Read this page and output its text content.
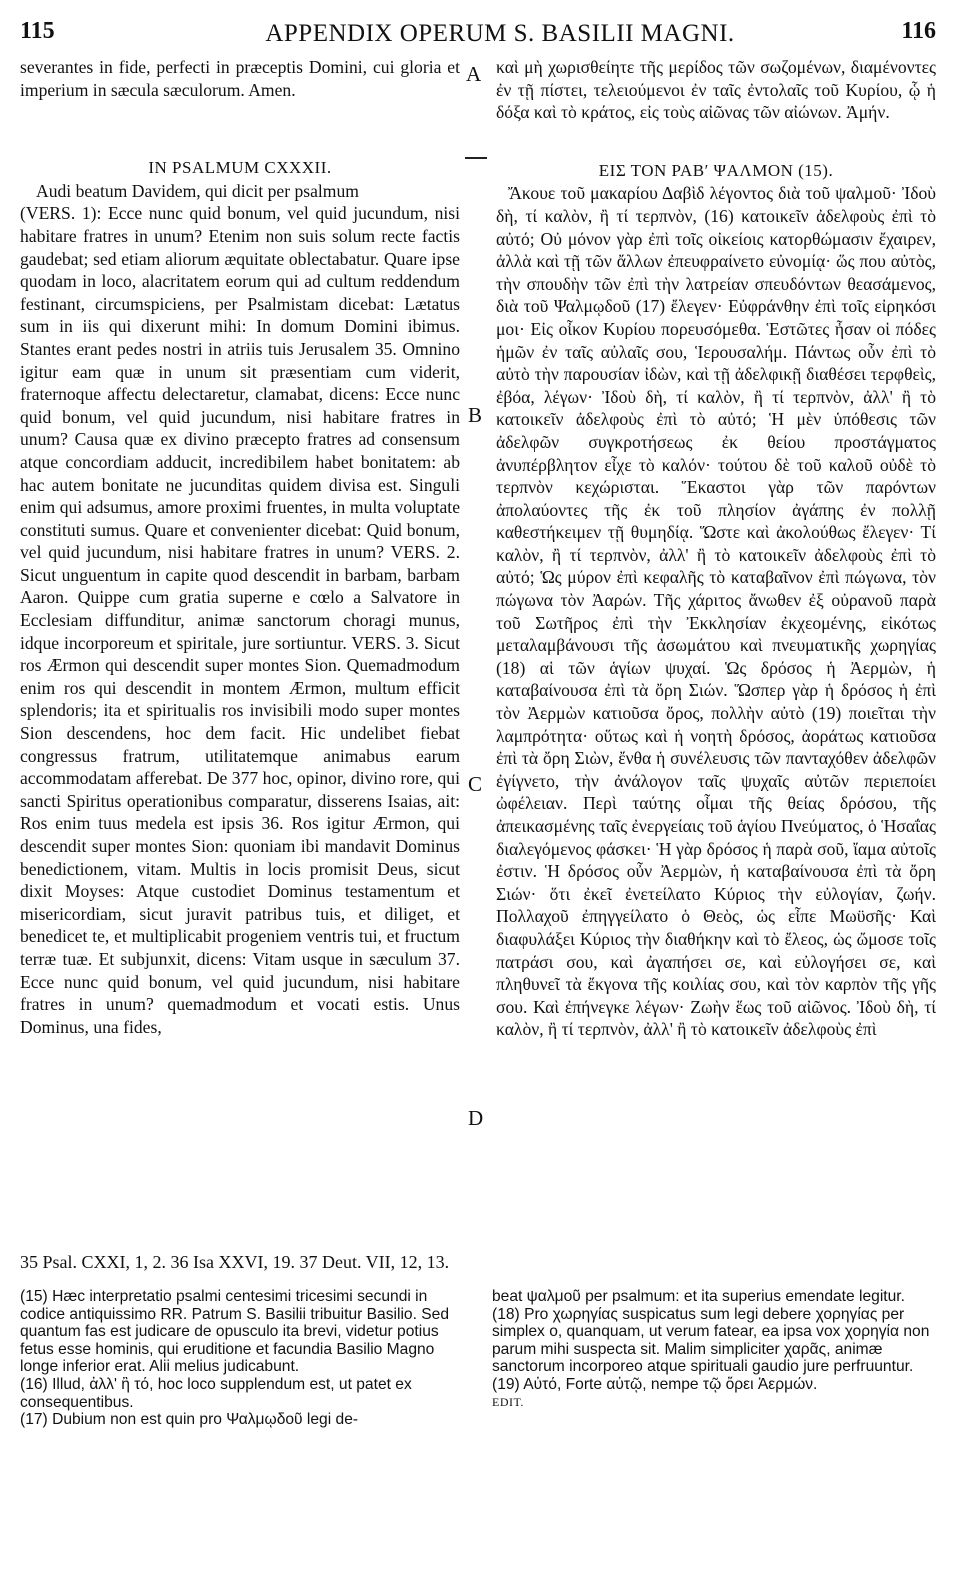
115	APPENDIX OPERUM S. BASILII MAGNI.	116
A
B
C
D

severantes in fide, perfecti in præceptis Domini, cui gloria et imperium in sæcula sæculorum. Amen.

IN PSALMUM CXXXII.

Audi beatum Davidem, qui dicit per psalmum

(VERS. 1): Ecce nunc quid bonum, vel quid jucundum, nisi habitare fratres in unum? Etenim non suis solum recte factis gaudebat; sed etiam aliorum æquitate oblectabatur. Quare ipse quodam in loco, alacritatem eorum qui ad cultum reddendum festinant, circumspiciens, per Psalmistam dicebat: Lætatus sum in iis qui dixerunt mihi: In domum Domini ibimus. Stantes erant pedes nostri in atriis tuis Jerusalem 35. Omnino igitur eam quæ in unum sit præsentiam cum viderit, fraternoque affectu delectaretur, clamabat, dicens: Ecce nunc quid bonum, vel quid jucundum, nisi habitare fratres in unum? Causa quæ ex divino præcepto fratres ad consensum atque concordiam adducit, incredibilem habet bonitatem: ab hac autem bonitate ne jucunditas quidem divisa est. Singuli enim qui adsumus, amore proximi fruentes, in multa voluptate constituti sumus. Quare et convenienter dicebat: Quid bonum, vel quid jucundum, nisi habitare fratres in unum? VERS. 2. Sicut unguentum in capite quod descendit in barbam, barbam Aaron. Quippe cum gratia superne e cœlo a Salvatore in Ecclesiam diffunditur, animæ sanctorum choragi munus, idque incorporeum et spiritale, jure sortiuntur. VERS. 3. Sicut ros Ærmon qui descendit super montes Sion. Quemadmodum enim ros qui descendit in montem Ærmon, multum efficit splendoris; ita et spiritualis ros invisibili modo super montes Sion descendens, hoc dem facit. Hic undelibet fiebat congressus fratrum, utilitatemque animabus earum accommodatam afferebat. De 377 hoc, opinor, divino rore, qui sancti Spiritus operationibus comparatur, disserens Isaias, ait: Ros enim tuus medela est ipsis 36. Ros igitur Ærmon, qui descendit super montes Sion: quoniam ibi mandavit Dominus benedictionem, vitam. Multis in locis promisit Deus, sicut dixit Moyses: Atque custodiet Dominus testamentum et misericordiam, sicut juravit patribus tuis, et diliget, et benedicet te, et multiplicabit progeniem ventris tui, et fructum terræ tuæ. Et subjunxit, dicens: Vitam usque in sæculum 37. Ecce nunc quid bonum, vel quid jucundum, nisi habitare fratres in unum? quemadmodum et vocati estis. Unus Dominus, una fides,

καὶ μὴ χωρισθείητε τῆς μερίδος τῶν σωζομένων, διαμένοντες ἐν τῇ πίστει, τελειούμενοι ἐν ταῖς ἐντολαῖς τοῦ Κυρίου, ᾧ ἡ δόξα καὶ τὸ κράτος, εἰς τοὺς αἰῶνας τῶν αἰώνων. Ἀμήν.

ΕΙΣ ΤΟΝ ΡΑΒʹ ΨΑΛΜΟΝ (15).

Ἄκουε τοῦ μακαρίου Δαβὶδ λέγοντος διὰ τοῦ ψαλμοῦ· Ἰδοὺ δὴ, τί καλὸν, ἢ τί τερπνὸν, (16) κατοικεῖν ἀδελφοὺς ἐπὶ τὸ αὐτό; Οὐ μόνον γὰρ ἐπὶ τοῖς οἰκείοις κατορθώμασιν ἔχαιρεν, ἀλλὰ καὶ τῇ τῶν ἄλλων ἐπευφραίνετο εὐνομίᾳ· ὥς που αὐτὸς, τὴν σπουδὴν τῶν ἐπὶ τὴν λατρείαν σπευδόντων θεασάμενος, διὰ τοῦ Ψαλμῳδοῦ (17) ἔλεγεν· Εὐφράνθην ἐπὶ τοῖς εἰρηκόσι μοι· Εἰς οἶκον Κυρίου πορευσόμεθα. Ἑστῶτες ἦσαν οἱ πόδες ἡμῶν ἐν ταῖς αὐλαῖς σου, Ἱερουσαλήμ. Πάντως οὖν ἐπὶ τὸ αὐτὸ τὴν παρουσίαν ἰδὼν, καὶ τῇ ἀδελφικῇ διαθέσει τερφθεὶς, ἐβόα, λέγων· Ἰδοὺ δὴ, τί καλὸν, ἢ τί τερπνὸν, ἀλλ' ἢ τὸ κατοικεῖν ἀδελφοὺς ἐπὶ τὸ αὐτό; Ἡ μὲν ὑπόθεσις τῶν ἀδελφῶν συγκροτήσεως ἐκ θείου προστάγματος ἀνυπέρβλητον εἶχε τὸ καλόν· τούτου δὲ τοῦ καλοῦ οὐδὲ τὸ τερπνὸν κεχώρισται. Ἕκαστοι γὰρ τῶν παρόντων ἀπολαύοντες τῆς ἐκ τοῦ πλησίον ἀγάπης ἐν πολλῇ καθεστήκειμεν τῇ θυμηδίᾳ. Ὥστε καὶ ἀκολούθως ἔλεγεν· Τί καλὸν, ἢ τί τερπνὸν, ἀλλ' ἢ τὸ κατοικεῖν ἀδελφοὺς ἐπὶ τὸ αὐτό; Ὡς μύρον ἐπὶ κεφαλῆς τὸ καταβαῖνον ἐπὶ πώγωνα, τὸν πώγωνα τὸν Ἀαρών. Τῆς χάριτος ἄνωθεν ἐξ οὐρανοῦ παρὰ τοῦ Σωτῆρος ἐπὶ τὴν Ἐκκλησίαν ἐκχεομένης, εἰκότως μεταλαμβάνουσι τῆς ἀσωμάτου καὶ πνευματικῆς χωρηγίας (18) αἱ τῶν ἁγίων ψυχαί. Ὡς δρόσος ἡ Ἀερμὼν, ἡ καταβαίνουσα ἐπὶ τὰ ὄρη Σιών. Ὥσπερ γὰρ ἡ δρόσος ἡ ἐπὶ τὸν Ἀερμὼν κατιοῦσα ὄρος, πολλὴν αὐτὸ (19) ποιεῖται τὴν λαμπρότητα· οὕτως καὶ ἡ νοητὴ δρόσος, ἀοράτως κατιοῦσα ἐπὶ τὰ ὄρη Σιὼν, ἔνθα ἡ συνέλευσις τῶν πανταχόθεν ἀδελφῶν ἐγίγνετο, τὴν ἀνάλογον ταῖς ψυχαῖς αὐτῶν περιεποίει ὠφέλειαν. Περὶ ταύτης οἶμαι τῆς θείας δρόσου, τῆς ἀπεικασμένης ταῖς ἐνεργείαις τοῦ ἁγίου Πνεύματος, ὁ Ἡσαΐας διαλεγόμενος φάσκει· Ἡ γὰρ δρόσος ἡ παρὰ σοῦ, ἴαμα αὐτοῖς ἐστιν. Ἡ δρόσος οὖν Ἀερμὼν, ἡ καταβαίνουσα ἐπὶ τὰ ὄρη Σιών· ὅτι ἐκεῖ ἐνετείλατο Κύριος τὴν εὐλογίαν, ζωήν. Πολλαχοῦ ἐπηγγείλατο ὁ Θεὸς, ὡς εἶπε Μωϋσῆς· Καὶ διαφυλάξει Κύριος τὴν διαθήκην καὶ τὸ ἔλεος, ὡς ὤμοσε τοῖς πατράσι σου, καὶ ἀγαπήσει σε, καὶ εὐλογήσει σε, καὶ πληθυνεῖ τὰ ἔκγονα τῆς κοιλίας σου, καὶ τὸν καρπὸν τῆς γῆς σου. Καὶ ἐπήνεγκε λέγων· Ζωὴν ἕως τοῦ αἰῶνος. Ἰδοὺ δὴ, τί καλὸν, ἢ τί τερπνὸν, ἀλλ' ἢ τὸ κατοικεῖν ἀδελφοὺς ἐπὶ

35 Psal. CXXI, 1, 2. 36 Isa XXVI, 19. 37 Deut. VII, 12, 13.

(15) Hæc interpretatio psalmi centesimi tricesimi secundi in codice antiquissimo RR. Patrum S. Basilii tribuitur Basilio. Sed quantum fas est judicare de opusculo ita brevi, videtur potius fetus esse hominis, qui eruditione et facundia Basilio Magno longe inferior erat. Alii melius judicabunt.

(16) Illud, ἀλλ' ἢ τό, hoc loco supplendum est, ut patet ex consequentibus.

(17) Dubium non est quin pro Ψαλμῳδοῦ legi de-

beat ψαλμοῦ per psalmum: et ita superius emendate legitur.

(18) Pro χωρηγίας suspicatus sum legi debere χορηγίας per simplex o, quanquam, ut verum fatear, ea ipsa vox χορηγία non parum mihi suspecta sit. Malim simpliciter χαρᾶς, animæ sanctorum incorporeo atque spirituali gaudio jure perfruuntur.

(19) Αὐτό, Forte αὐτῷ, nempe τῷ ὄρει Ἀερμών.

EDIT.
